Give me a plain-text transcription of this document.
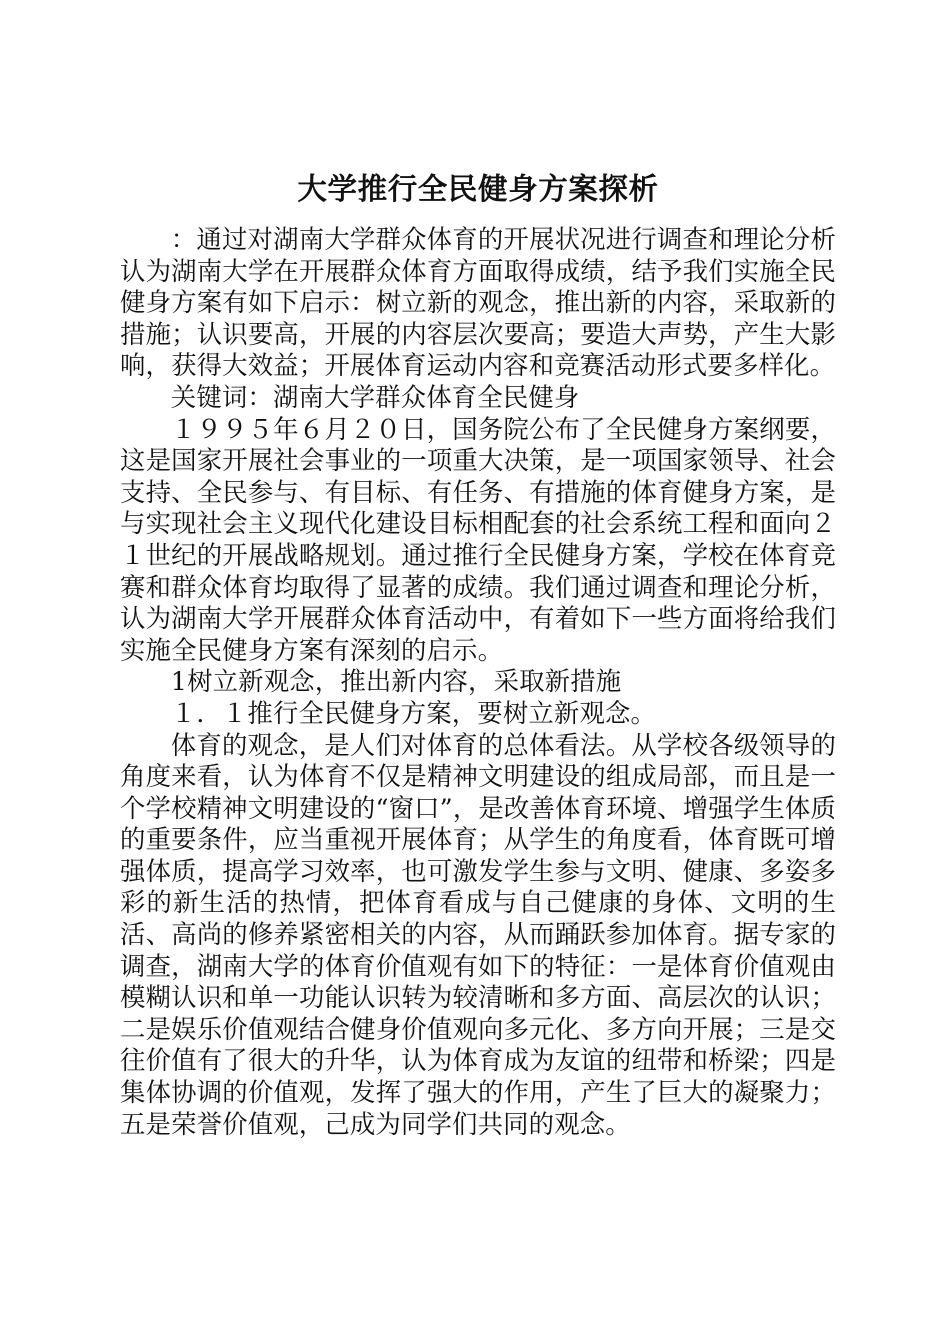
大学推行全民健身方案探析

：通过对湖南大学群众体育的开展状况进行调查和理论分析认为湖南大学在开展群众体育方面取得成绩，结予我们实施全民健身方案有如下启示：树立新的观念，推出新的内容，采取新的措施；认识要高，开展的内容层次要高；要造大声势，产生大影响，获得大效益；开展体育运动内容和竞赛活动形式要多样化。

关键词：湖南大学群众体育全民健身

１９９５年６月２０日，国务院公布了全民健身方案纲要，这是国家开展社会事业的一项重大决策，是一项国家领导、社会支持、全民参与、有目标、有任务、有措施的体育健身方案，是与实现社会主义现代化建设目标相配套的社会系统工程和面向２１世纪的开展战略规划。通过推行全民健身方案，学校在体育竞赛和群众体育均取得了显著的成绩。我们通过调查和理论分析，认为湖南大学开展群众体育活动中，有着如下一些方面将给我们实施全民健身方案有深刻的启示。

1树立新观念，推出新内容，采取新措施

１．１推行全民健身方案，要树立新观念。

体育的观念，是人们对体育的总体看法。从学校各级领导的角度来看，认为体育不仅是精神文明建设的组成局部，而且是一个学校精神文明建设的“窗口”，是改善体育环境、增强学生体质的重要条件，应当重视开展体育；从学生的角度看，体育既可增强体质，提高学习效率，也可激发学生参与文明、健康、多姿多彩的新生活的热情，把体育看成与自己健康的身体、文明的生活、高尚的修养紧密相关的内容，从而踊跃参加体育。据专家的调查，湖南大学的体育价值观有如下的特征：一是体育价值观由模糊认识和单一功能认识转为较清晰和多方面、高层次的认识；二是娱乐价值观结合健身价值观向多元化、多方向开展；三是交往价值有了很大的升华，认为体育成为友谊的纽带和桥梁；四是集体协调的价值观，发挥了强大的作用，产生了巨大的凝聚力；五是荣誉价值观，己成为同学们共同的观念。
